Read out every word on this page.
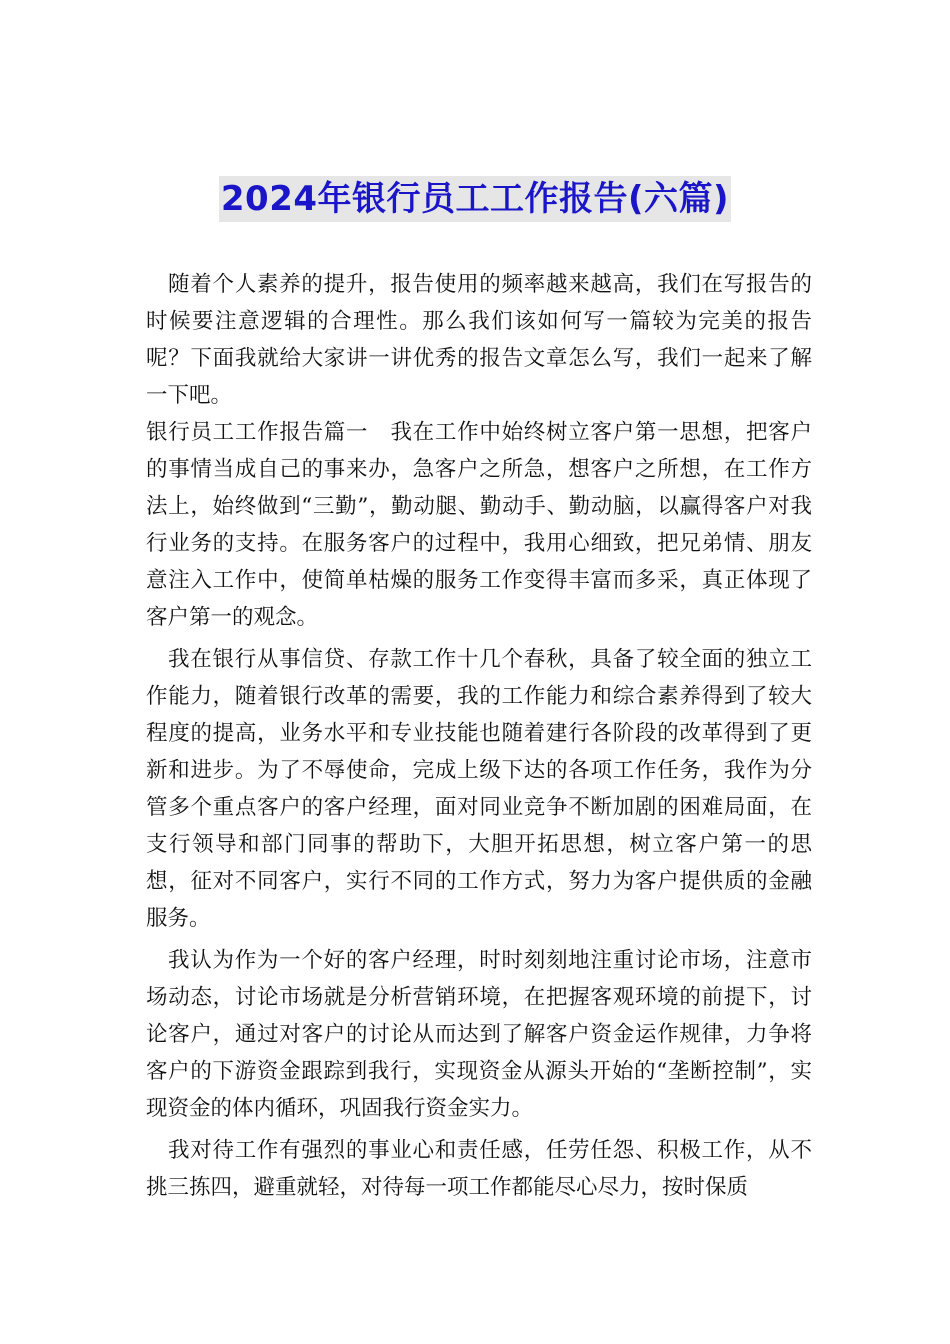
2024年银行员工工作报告(六篇)

随着个人素养的提升，报告使用的频率越来越高，我们在写报告的时候要注意逻辑的合理性。那么我们该如何写一篇较为完美的报告呢？下面我就给大家讲一讲优秀的报告文章怎么写，我们一起来了解一下吧。

银行员工工作报告篇一　我在工作中始终树立客户第一思想，把客户的事情当成自己的事来办，急客户之所急，想客户之所想，在工作方法上，始终做到“三勤”，勤动腿、勤动手、勤动脑，以赢得客户对我行业务的支持。在服务客户的过程中，我用心细致，把兄弟情、朋友意注入工作中，使简单枯燥的服务工作变得丰富而多采，真正体现了客户第一的观念。

我在银行从事信贷、存款工作十几个春秋，具备了较全面的独立工作能力，随着银行改革的需要，我的工作能力和综合素养得到了较大程度的提高，业务水平和专业技能也随着建行各阶段的改革得到了更新和进步。为了不辱使命，完成上级下达的各项工作任务，我作为分管多个重点客户的客户经理，面对同业竞争不断加剧的困难局面，在支行领导和部门同事的帮助下，大胆开拓思想，树立客户第一的思想，征对不同客户，实行不同的工作方式，努力为客户提供质的金融服务。

我认为作为一个好的客户经理，时时刻刻地注重讨论市场，注意市场动态，讨论市场就是分析营销环境，在把握客观环境的前提下，讨论客户，通过对客户的讨论从而达到了解客户资金运作规律，力争将客户的下游资金跟踪到我行，实现资金从源头开始的“垄断控制”，实现资金的体内循环，巩固我行资金实力。

我对待工作有强烈的事业心和责任感，任劳任怨、积极工作，从不挑三拣四，避重就轻，对待每一项工作都能尽心尽力，按时保质
